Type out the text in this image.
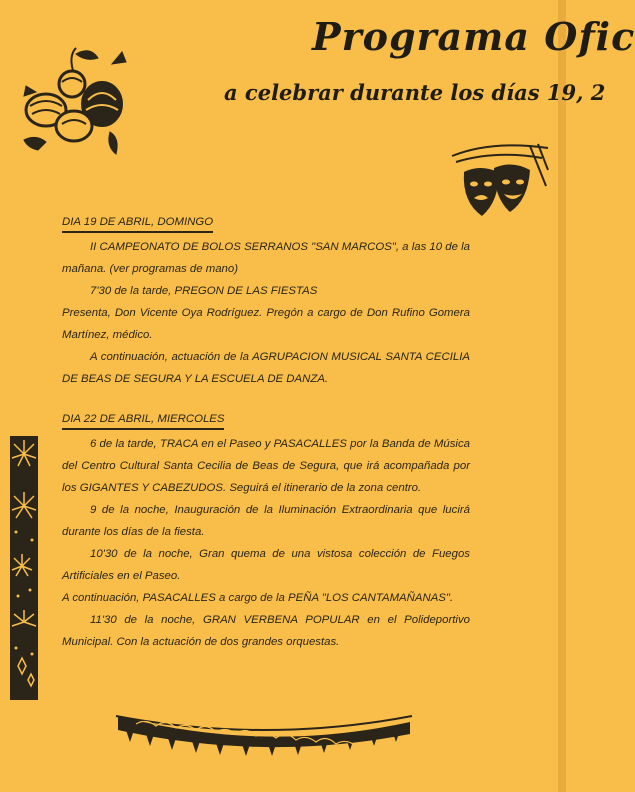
Programa Ofic
a celebrar durante los días 19, 2
DIA 19 DE ABRIL, DOMINGO

II CAMPEONATO DE BOLOS SERRANOS "SAN MARCOS", a las 10 de la mañana. (ver programas de mano)

7'30 de la tarde, PREGON DE LAS FIESTAS

Presenta, Don Vicente Oya Rodríguez. Pregón a cargo de Don Rufino Gomera Martínez, médico.

A continuación, actuación de la AGRUPACION MUSICAL SANTA CECILIA DE BEAS DE SEGURA Y LA ESCUELA DE DANZA.

DIA 22 DE ABRIL, MIERCOLES

6 de la tarde, TRACA en el Paseo y PASACALLES por la Banda de Música del Centro Cultural Santa Cecilia de Beas de Segura, que irá acompañada por los GIGANTES Y CABEZUDOS. Seguirá el itinerario de la zona centro.

9 de la noche, Inauguración de la Iluminación Extraordinaria que lucirá durante los días de la fiesta.

10'30 de la noche, Gran quema de una vistosa colección de Fuegos Artificiales en el Paseo.

A continuación, PASACALLES a cargo de la PEÑA "LOS CANTAMAÑANAS".

11'30 de la noche, GRAN VERBENA POPULAR en el Polideportivo Municipal. Con la actuación de dos grandes orquestas.
